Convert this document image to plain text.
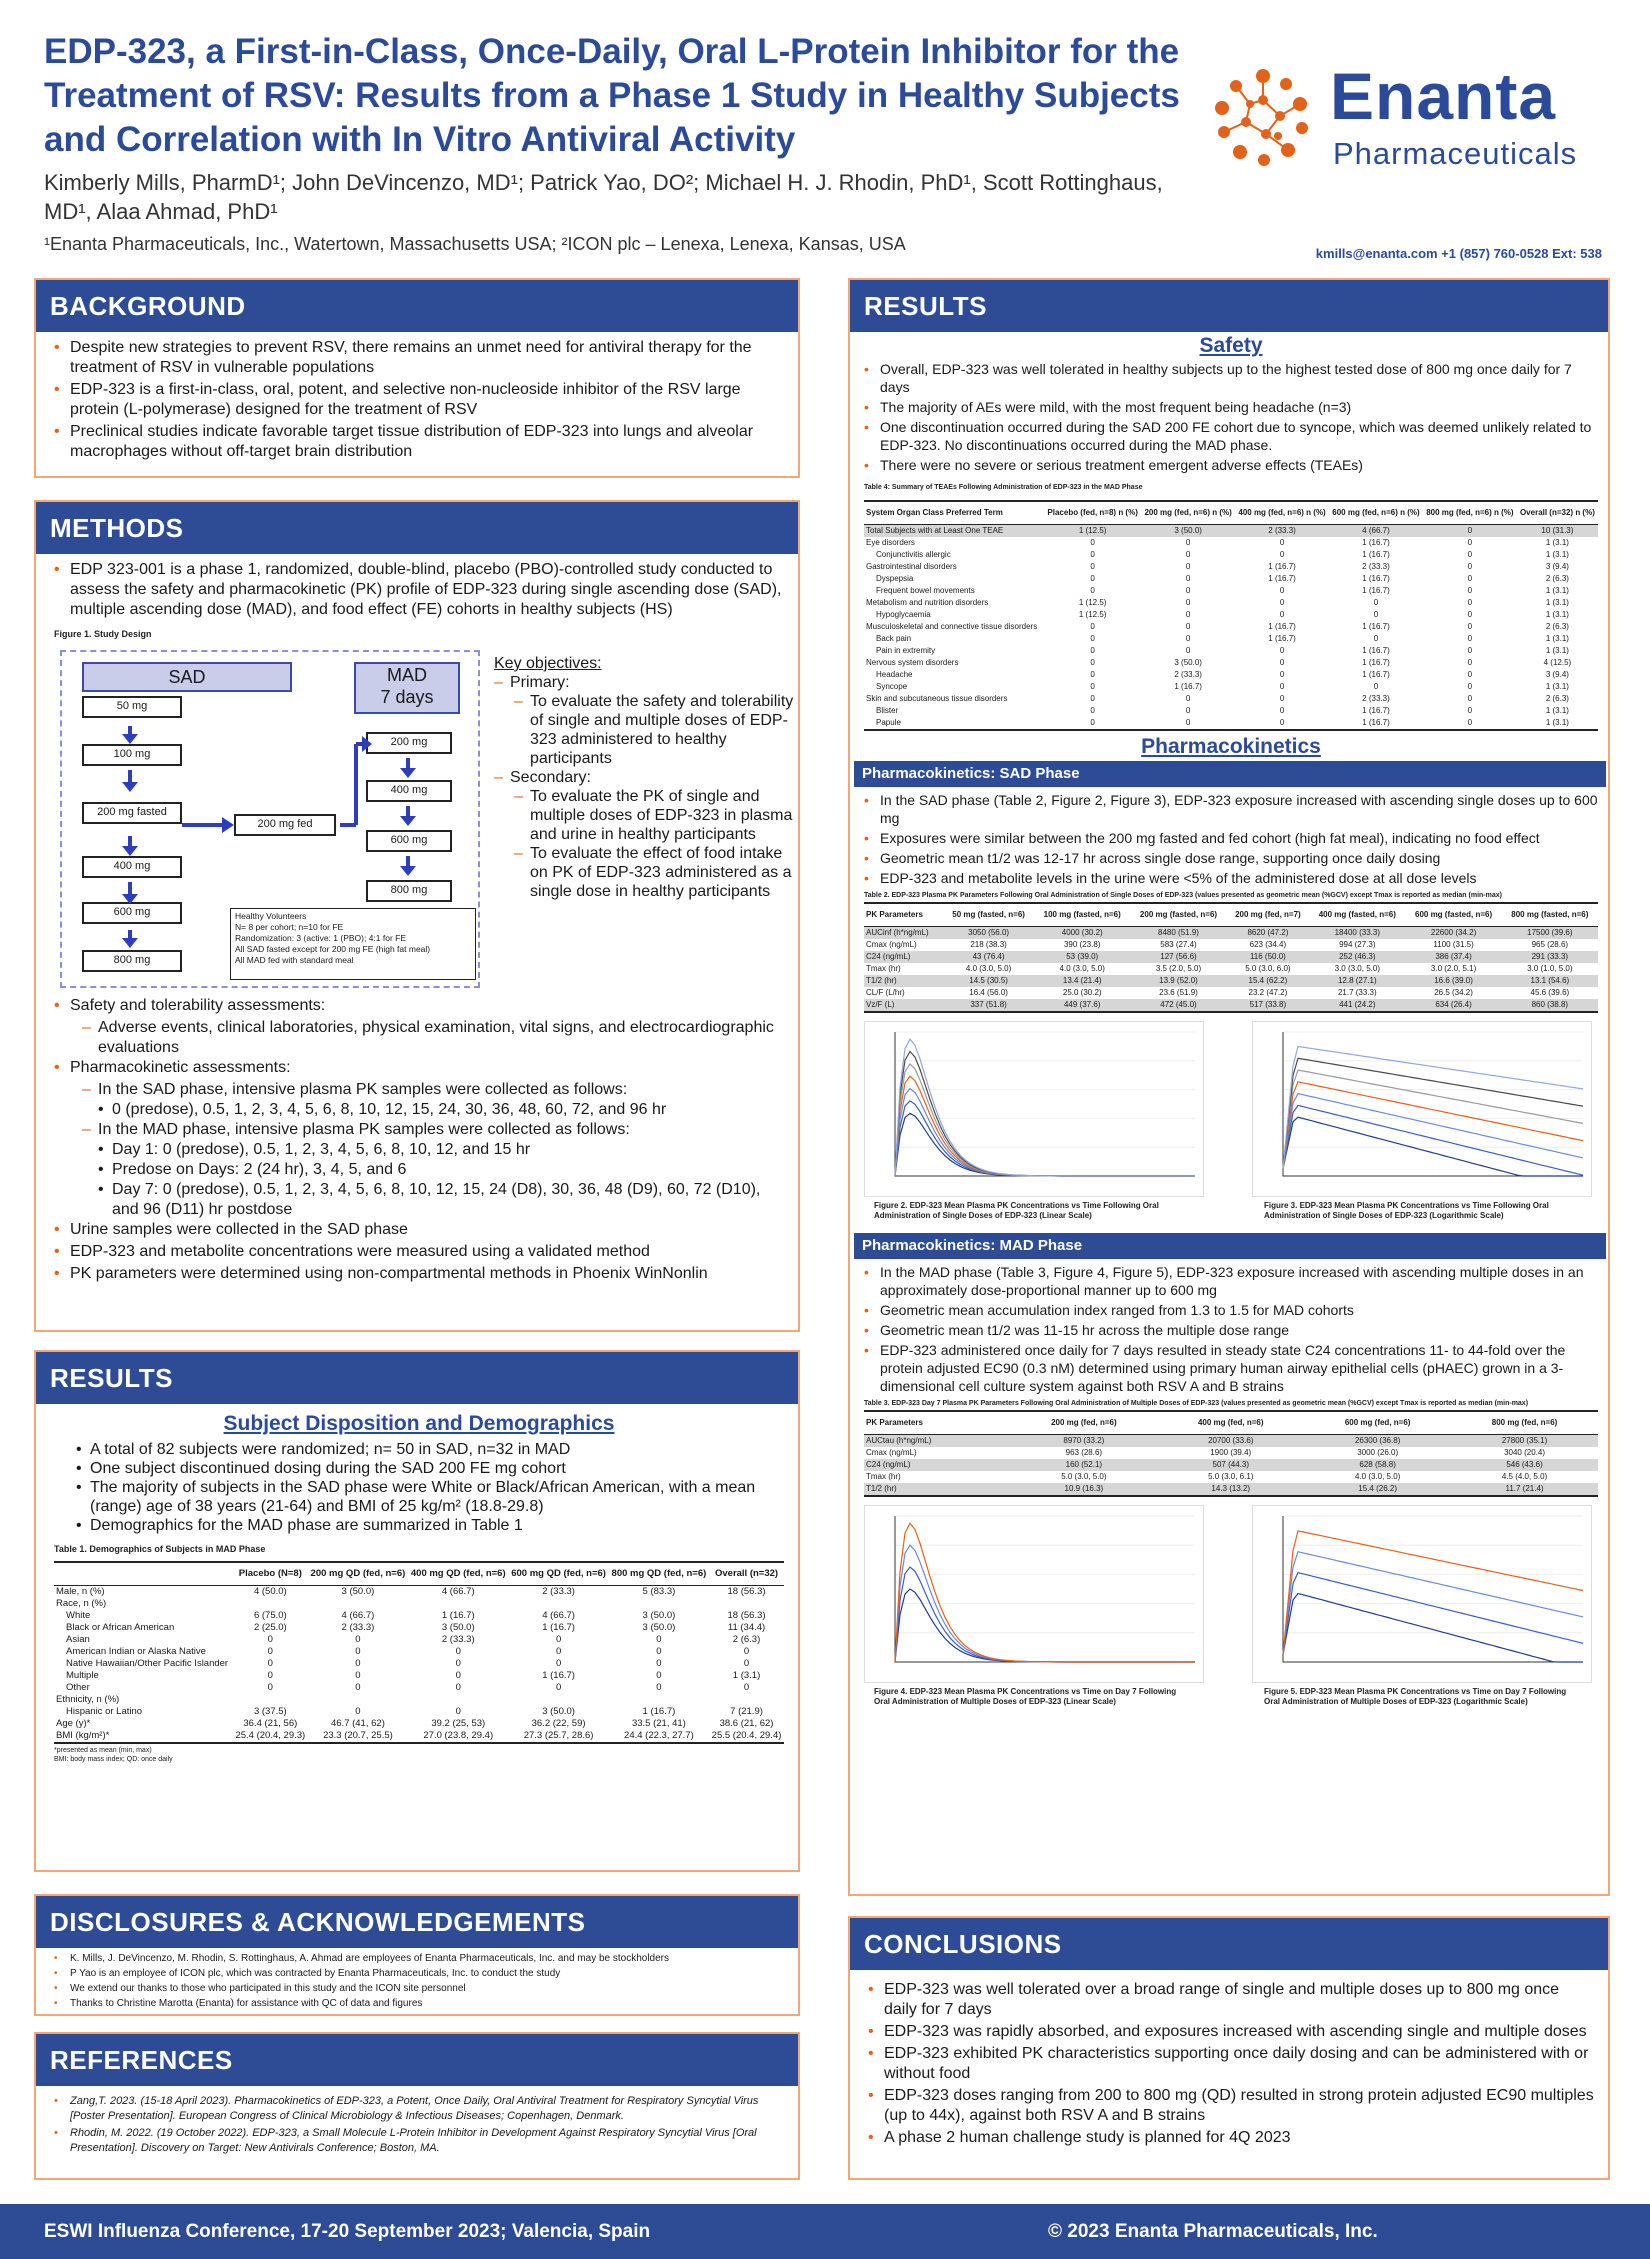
EDP-323, a First-in-Class, Once-Daily, Oral L-Protein Inhibitor for the Treatment of RSV: Results from a Phase 1 Study in Healthy Subjects and Correlation with In Vitro Antiviral Activity
Kimberly Mills, PharmD¹; John DeVincenzo, MD¹; Patrick Yao, DO²; Michael H. J. Rhodin, PhD¹, Scott Rottinghaus, MD¹, Alaa Ahmad, PhD¹
¹Enanta Pharmaceuticals, Inc., Watertown, Massachusetts USA; ²ICON plc – Lenexa, Lenexa, Kansas, USA	kmills@enanta.com +1 (857) 760-0528 Ext: 538
Enanta
Pharmaceuticals
BACKGROUND
• Despite new strategies to prevent RSV, there remains an unmet need for antiviral therapy for the treatment of RSV in vulnerable populations
• EDP-323 is a first-in-class, oral, potent, and selective non-nucleoside inhibitor of the RSV large protein (L-polymerase) designed for the treatment of RSV
• Preclinical studies indicate favorable target tissue distribution of EDP-323 into lungs and alveolar macrophages without off-target brain distribution
METHODS
• EDP 323-001 is a phase 1, randomized, double-blind, placebo (PBO)-controlled study conducted to assess the safety and pharmacokinetic (PK) profile of EDP-323 during single ascending dose (SAD), multiple ascending dose (MAD), and food effect (FE) cohorts in healthy subjects (HS)
Figure 1. Study Design
SAD	MAD
7 days
50 mg
100 mg
200 mg fasted
400 mg
600 mg
800 mg
200 mg
400 mg
600 mg
800 mg
200 mg fed
Healthy Volunteers
N= 8 per cohort; n=10 for FE
Randomization: 3 (active: 1 (PBO); 4:1 for FE
All SAD fasted except for 200 mg FE (high fat meal)
All MAD fed with standard meal
Key objectives:
– Primary:
– To evaluate the safety and tolerability of single and multiple doses of EDP-323 administered to healthy participants
– Secondary:
– To evaluate the PK of single and multiple doses of EDP-323 in plasma and urine in healthy participants
– To evaluate the effect of food intake on PK of EDP-323 administered as a single dose in healthy participants
• Safety and tolerability assessments:
– Adverse events, clinical laboratories, physical examination, vital signs, and electrocardiographic evaluations
• Pharmacokinetic assessments:
– In the SAD phase, intensive plasma PK samples were collected as follows:
• 0 (predose), 0.5, 1, 2, 3, 4, 5, 6, 8, 10, 12, 15, 24, 30, 36, 48, 60, 72, and 96 hr
– In the MAD phase, intensive plasma PK samples were collected as follows:
• Day 1: 0 (predose), 0.5, 1, 2, 3, 4, 5, 6, 8, 10, 12, and 15 hr
• Predose on Days: 2 (24 hr), 3, 4, 5, and 6
• Day 7: 0 (predose), 0.5, 1, 2, 3, 4, 5, 6, 8, 10, 12, 15, 24 (D8), 30, 36, 48 (D9), 60, 72 (D10), and 96 (D11) hr postdose
• Urine samples were collected in the SAD phase
• EDP-323 and metabolite concentrations were measured using a validated method
• PK parameters were determined using non-compartmental methods in Phoenix WinNonlin
RESULTS
Subject Disposition and Demographics
• A total of 82 subjects were randomized; n= 50 in SAD, n=32 in MAD
• One subject discontinued dosing during the SAD 200 FE mg cohort
• The majority of subjects in the SAD phase were White or Black/African American, with a mean (range) age of 38 years (21-64) and BMI of 25 kg/m² (18.8-29.8)
• Demographics for the MAD phase are summarized in Table 1
Table 1. Demographics of Subjects in MAD Phase
	Placebo (N=8)	200 mg QD (fed, n=6)	400 mg QD (fed, n=6)	600 mg QD (fed, n=6)	800 mg QD (fed, n=6)	Overall (n=32)
Male, n (%)	4 (50.0)	3 (50.0)	4 (66.7)	2 (33.3)	5 (83.3)	18 (56.3)
Race, n (%)						
White	6 (75.0)	4 (66.7)	1 (16.7)	4 (66.7)	3 (50.0)	18 (56.3)
Black or African American	2 (25.0)	2 (33.3)	3 (50.0)	1 (16.7)	3 (50.0)	11 (34.4)
Asian	0	0	2 (33.3)	0	0	2 (6.3)
American Indian or Alaska Native	0	0	0	0	0	0
Native Hawaiian/Other Pacific Islander	0	0	0	0	0	0
Multiple	0	0	0	1 (16.7)	0	1 (3.1)
Other	0	0	0	0	0	0
Ethnicity, n (%)						
Hispanic or Latino	3 (37.5)	0	0	3 (50.0)	1 (16.7)	7 (21.9)
Age (y)*	36.4 (21, 56)	46.7 (41, 62)	39.2 (25, 53)	36.2 (22, 59)	33.5 (21, 41)	38.6 (21, 62)
BMI (kg/m²)*	25.4 (20.4, 29.3)	23.3 (20.7, 25.5)	27.0 (23.8, 29.4)	27.3 (25.7, 28.6)	24.4 (22.3, 27.7)	25.5 (20.4, 29.4)
*presented as mean (min, max)
BMI: body mass index; QD: once daily
DISCLOSURES & ACKNOWLEDGEMENTS
• K. Mills, J. DeVincenzo, M. Rhodin, S. Rottinghaus, A. Ahmad are employees of Enanta Pharmaceuticals, Inc. and may be stockholders
• P Yao is an employee of ICON plc, which was contracted by Enanta Pharmaceuticals, Inc. to conduct the study
• We extend our thanks to those who participated in this study and the ICON site personnel
• Thanks to Christine Marotta (Enanta) for assistance with QC of data and figures
REFERENCES
• Zang,T. 2023. (15-18 April 2023). Pharmacokinetics of EDP-323, a Potent, Once Daily, Oral Antiviral Treatment for Respiratory Syncytial Virus [Poster Presentation]. European Congress of Clinical Microbiology & Infectious Diseases; Copenhagen, Denmark.
• Rhodin, M. 2022. (19 October 2022). EDP-323, a Small Molecule L-Protein Inhibitor in Development Against Respiratory Syncytial Virus [Oral Presentation]. Discovery on Target: New Antivirals Conference; Boston, MA.
RESULTS
Safety
• Overall, EDP-323 was well tolerated in healthy subjects up to the highest tested dose of 800 mg once daily for 7 days
• The majority of AEs were mild, with the most frequent being headache (n=3)
• One discontinuation occurred during the SAD 200 FE cohort due to syncope, which was deemed unlikely related to EDP-323. No discontinuations occurred during the MAD phase.
• There were no severe or serious treatment emergent adverse effects (TEAEs)
Table 4: Summary of TEAEs Following Administration of EDP-323 in the MAD Phase
System Organ Class Preferred Term	Placebo (fed, n=8) n (%)	200 mg (fed, n=6) n (%)	400 mg (fed, n=6) n (%)	600 mg (fed, n=6) n (%)	800 mg (fed, n=6) n (%)	Overall (n=32) n (%)
Total Subjects with at Least One TEAE	1 (12.5)	3 (50.0)	2 (33.3)	4 (66.7)	0	10 (31.3)
Eye disorders	0	0	0	1 (16.7)	0	1 (3.1)
Conjunctivitis allergic	0	0	0	1 (16.7)	0	1 (3.1)
Gastrointestinal disorders	0	0	1 (16.7)	2 (33.3)	0	3 (9.4)
Dyspepsia	0	0	1 (16.7)	1 (16.7)	0	2 (6.3)
Frequent bowel movements	0	0	0	1 (16.7)	0	1 (3.1)
Metabolism and nutrition disorders	1 (12.5)	0	0	0	0	1 (3.1)
Hypoglycaemia	1 (12.5)	0	0	0	0	1 (3.1)
Musculoskeletal and connective tissue disorders	0	0	1 (16.7)	1 (16.7)	0	2 (6.3)
Back pain	0	0	1 (16.7)	0	0	1 (3.1)
Pain in extremity	0	0	0	1 (16.7)	0	1 (3.1)
Nervous system disorders	0	3 (50.0)	0	1 (16.7)	0	4 (12.5)
Headache	0	2 (33.3)	0	1 (16.7)	0	3 (9.4)
Syncope	0	1 (16.7)	0	0	0	1 (3.1)
Skin and subcutaneous tissue disorders	0	0	0	2 (33.3)	0	2 (6.3)
Blister	0	0	0	1 (16.7)	0	1 (3.1)
Papule	0	0	0	1 (16.7)	0	1 (3.1)
Pharmacokinetics
Pharmacokinetics: SAD Phase
• In the SAD phase (Table 2, Figure 2, Figure 3), EDP-323 exposure increased with ascending single doses up to 600 mg
• Exposures were similar between the 200 mg fasted and fed cohort (high fat meal), indicating no food effect
• Geometric mean t1/2 was 12-17 hr across single dose range, supporting once daily dosing
• EDP-323 and metabolite levels in the urine were <5% of the administered dose at all dose levels
Table 2. EDP-323 Plasma PK Parameters Following Oral Administration of Single Doses of EDP-323 (values presented as geometric mean (%GCV) except Tmax is reported as median (min-max)
PK Parameters	50 mg (fasted, n=6)	100 mg (fasted, n=6)	200 mg (fasted, n=6)	200 mg (fed, n=7)	400 mg (fasted, n=6)	600 mg (fasted, n=6)	800 mg (fasted, n=6)
AUCinf (h*ng/mL)	3050 (56.0)	4000 (30.2)	8480 (51.9)	8620 (47.2)	18400 (33.3)	22600 (34.2)	17500 (39.6)
Cmax (ng/mL)	218 (38.3)	390 (23.8)	583 (27.4)	623 (34.4)	994 (27.3)	1100 (31.5)	965 (28.6)
C24 (ng/mL)	43 (76.4)	53 (39.0)	127 (56.6)	116 (50.0)	252 (46.3)	386 (37.4)	291 (33.3)
Tmax (hr)	4.0 (3.0, 5.0)	4.0 (3.0, 5.0)	3.5 (2.0, 5.0)	5.0 (3.0, 6.0)	3.0 (3.0, 5.0)	3.0 (2.0, 5.1)	3.0 (1.0, 5.0)
T1/2 (hr)	14.5 (30.5)	13.4 (21.4)	13.9 (52.0)	15.4 (62.2)	12.8 (27.1)	16.6 (39.0)	13.1 (54.6)
CL/F (L/hr)	16.4 (56.0)	25.0 (30.2)	23.6 (51.9)	23.2 (47.2)	21.7 (33.3)	26.5 (34.2)	45.6 (39.6)
Vz/F (L)	337 (51.8)	449 (37.6)	472 (45.0)	517 (33.8)	441 (24.2)	634 (26.4)	860 (38.8)
Figure 2. EDP-323 Mean Plasma PK Concentrations vs Time Following Oral Administration of Single Doses of EDP-323 (Linear Scale)
Figure 3. EDP-323 Mean Plasma PK Concentrations vs Time Following Oral Administration of Single Doses of EDP-323 (Logarithmic Scale)
Pharmacokinetics: MAD Phase
• In the MAD phase (Table 3, Figure 4, Figure 5), EDP-323 exposure increased with ascending multiple doses in an approximately dose-proportional manner up to 600 mg
• Geometric mean accumulation index ranged from 1.3 to 1.5 for MAD cohorts
• Geometric mean t1/2 was 11-15 hr across the multiple dose range
• EDP-323 administered once daily for 7 days resulted in steady state C24 concentrations 11- to 44-fold over the protein adjusted EC90 (0.3 nM) determined using primary human airway epithelial cells (pHAEC) grown in a 3-dimensional cell culture system against both RSV A and B strains
Table 3. EDP-323 Day 7 Plasma PK Parameters Following Oral Administration of Multiple Doses of EDP-323 (values presented as geometric mean (%GCV) except Tmax is reported as median (min-max)
PK Parameters	200 mg (fed, n=6)	400 mg (fed, n=6)	600 mg (fed, n=6)	800 mg (fed, n=6)
AUCtau (h*ng/mL)	8970 (33.2)	20700 (33.6)	26300 (36.8)	27800 (35.1)
Cmax (ng/mL)	963 (28.6)	1900 (39.4)	3000 (26.0)	3040 (20.4)
C24 (ng/mL)	160 (52.1)	507 (44.3)	628 (58.8)	546 (43.6)
Tmax (hr)	5.0 (3.0, 5.0)	5.0 (3.0, 6.1)	4.0 (3.0, 5.0)	4.5 (4.0, 5.0)
T1/2 (hr)	10.9 (16.3)	14.3 (13.2)	15.4 (26.2)	11.7 (21.4)
Figure 4. EDP-323 Mean Plasma PK Concentrations vs Time on Day 7 Following Oral Administration of Multiple Doses of EDP-323 (Linear Scale)
Figure 5. EDP-323 Mean Plasma PK Concentrations vs Time on Day 7 Following Oral Administration of Multiple Doses of EDP-323 (Logarithmic Scale)
CONCLUSIONS
• EDP-323 was well tolerated over a broad range of single and multiple doses up to 800 mg once daily for 7 days
• EDP-323 was rapidly absorbed, and exposures increased with ascending single and multiple doses
• EDP-323 exhibited PK characteristics supporting once daily dosing and can be administered with or without food
• EDP-323 doses ranging from 200 to 800 mg (QD) resulted in strong protein adjusted EC90 multiples (up to 44x), against both RSV A and B strains
• A phase 2 human challenge study is planned for 4Q 2023
ESWI Influenza Conference, 17-20 September 2023; Valencia, Spain	© 2023 Enanta Pharmaceuticals, Inc.
